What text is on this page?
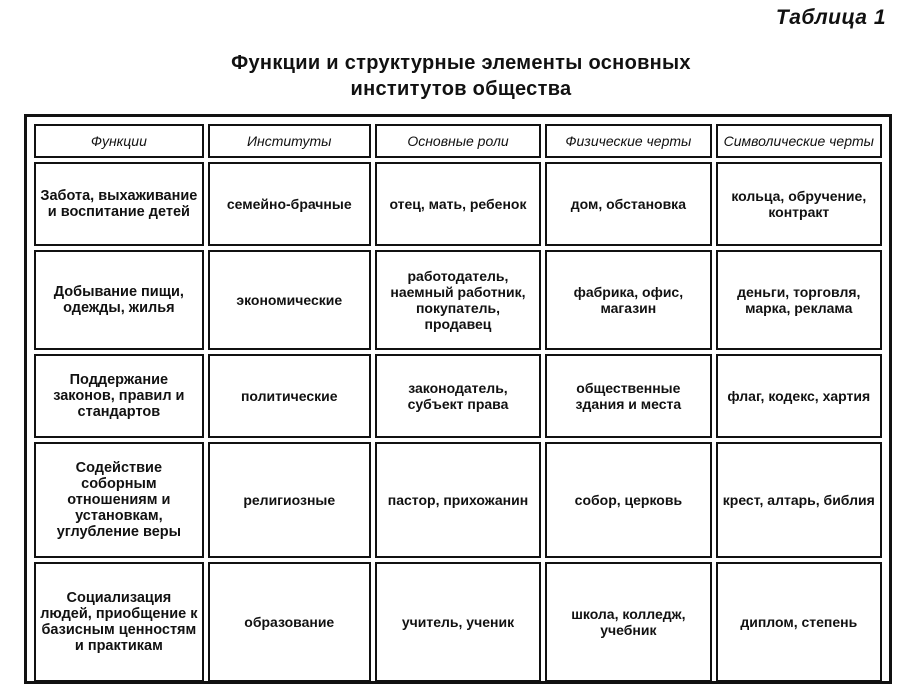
Таблица 1
Функции и структурные элементы основных
институтов общества
Функции	Институты	Основные роли	Физические черты	Символические черты
Забота, выхаживание и воспитание детей	семейно-брачные	отец, мать, ребенок	дом, обстановка	кольца, обручение, контракт
Добывание пищи, одежды, жилья	экономические	работодатель, наемный работник, покупатель, продавец	фабрика, офис, магазин	деньги, торговля, марка, реклама
Поддержание законов, правил и стандартов	политические	законодатель, субъект права	общественные здания и места	флаг, кодекс, хартия
Содействие соборным отношениям и установкам, углубление веры	религиозные	пастор, прихожанин	собор, церковь	крест, алтарь, библия
Социализация людей, приобщение к базисным ценностям и практикам	образование	учитель, ученик	школа, колледж, учебник	диплом, степень
